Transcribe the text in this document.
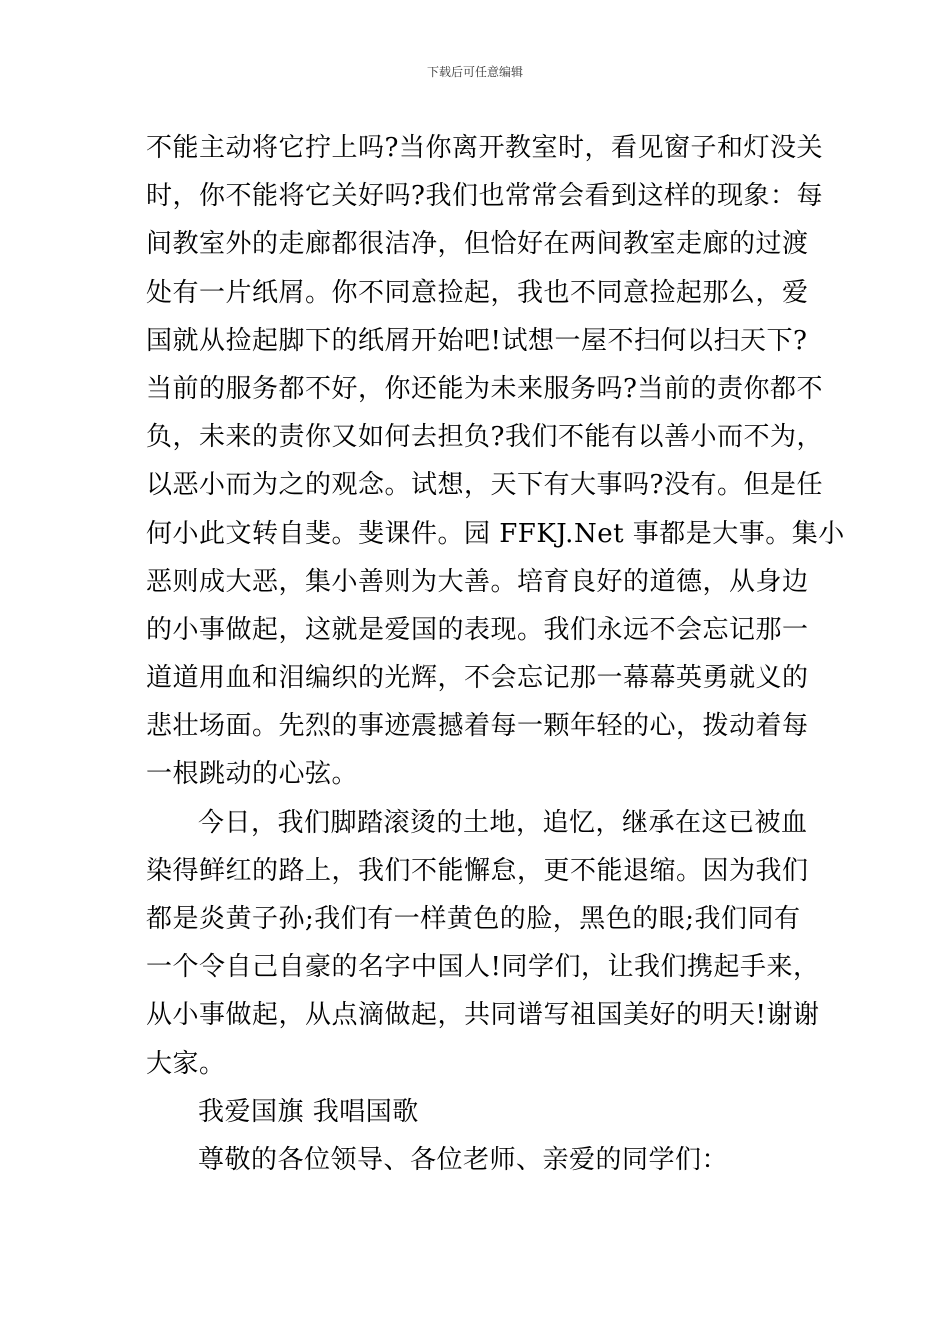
下载后可任意编辑
不能主动将它拧上吗?当你离开教室时，看见窗子和灯没关
时，你不能将它关好吗?我们也常常会看到这样的现象：每
间教室外的走廊都很洁净，但恰好在两间教室走廊的过渡
处有一片纸屑。你不同意捡起，我也不同意捡起那么，爱
国就从捡起脚下的纸屑开始吧!试想一屋不扫何以扫天下?
当前的服务都不好，你还能为未来服务吗?当前的责你都不
负，未来的责你又如何去担负?我们不能有以善小而不为，
以恶小而为之的观念。试想，天下有大事吗?没有。但是任
何小此文转自斐。斐课件。园 FFKJ.Net 事都是大事。集小
恶则成大恶，集小善则为大善。培育良好的道德，从身边
的小事做起，这就是爱国的表现。我们永远不会忘记那一
道道用血和泪编织的光辉，不会忘记那一幕幕英勇就义的
悲壮场面。先烈的事迹震撼着每一颗年轻的心，拨动着每
一根跳动的心弦。
今日，我们脚踏滚烫的土地，追忆，继承在这已被血
染得鲜红的路上，我们不能懈怠，更不能退缩。因为我们
都是炎黄子孙;我们有一样黄色的脸，黑色的眼;我们同有
一个令自己自豪的名字中国人!同学们，让我们携起手来，
从小事做起，从点滴做起，共同谱写祖国美好的明天!谢谢
大家。
我爱国旗 我唱国歌
尊敬的各位领导、各位老师、亲爱的同学们：
